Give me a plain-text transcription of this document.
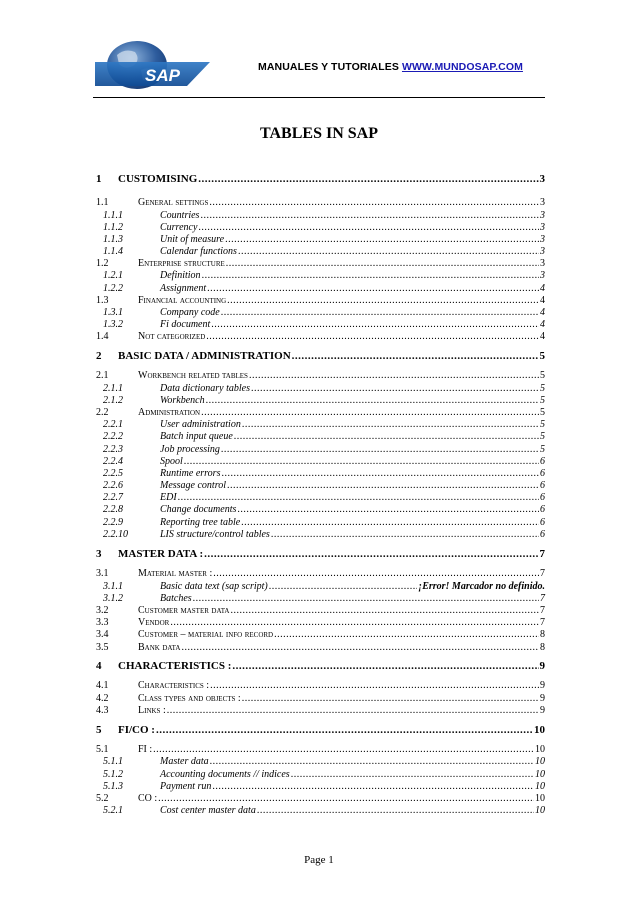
SAP	MANUALES Y TUTORIALES WWW.MUNDOSAP.COM
TABLES IN SAP
1 CUSTOMISING .....	3
1.1	General settings .....	3
1.1.1	Countries .....	3
1.1.2	Currency .....	3
1.1.3	Unit of measure .....	3
1.1.4	Calendar functions .....	3
1.2	Enterprise structure .....	3
1.2.1	Definition .....	3
1.2.2	Assignment .....	4
1.3	Financial accounting .....	4
1.3.1	Company code .....	4
1.3.2	Fi document .....	4
1.4	Not categorized .....	4
2 BASIC DATA / ADMINISTRATION .....	5
2.1	Workbench related tables .....	5
2.1.1	Data dictionary tables .....	5
2.1.2	Workbench .....	5
2.2	Administration .....	5
2.2.1	User administration .....	5
2.2.2	Batch input queue .....	5
2.2.3	Job processing .....	5
2.2.4	Spool .....	6
2.2.5	Runtime errors .....	6
2.2.6	Message control .....	6
2.2.7	EDI .....	6
2.2.8	Change documents .....	6
2.2.9	Reporting tree table .....	6
2.2.10	LIS structure/control tables .....	6
3 MASTER DATA : .....	7
3.1	Material master : .....	7
3.1.1	Basic data text (sap script) .....	¡Error! Marcador no definido.
3.1.2	Batches .....	7
3.2	Customer master data .....	7
3.3	Vendor .....	7
3.4	Customer – material info record .....	8
3.5	Bank data .....	8
4 CHARACTERISTICS : .....	9
4.1	Characteristics : .....	9
4.2	Class types and objects : .....	9
4.3	Links : .....	9
5 FI/CO : .....	10
5.1	FI : .....	10
5.1.1	Master data .....	10
5.1.2	Accounting documents // indices .....	10
5.1.3	Payment run .....	10
5.2	CO : .....	10
5.2.1	Cost center master data .....	10
Page 1
